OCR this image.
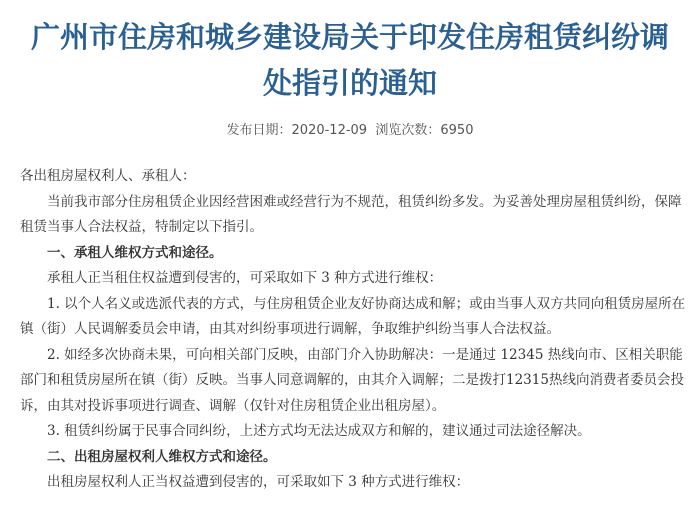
广州市住房和城乡建设局关于印发住房租赁纠纷调
处指引的通知
发布日期：2020-12-09 浏览次数：6950

各出租房屋权利人、承租人：

当前我市部分住房租赁企业因经营困难或经营行为不规范，租赁纠纷多发。为妥善处理房屋租赁纠纷，保障租赁当事人合法权益，特制定以下指引。

一、承租人维权方式和途径。

承租人正当租住权益遭到侵害的，可采取如下 3 种方式进行维权：

1. 以个人名义或选派代表的方式，与住房租赁企业友好协商达成和解；或由当事人双方共同向租赁房屋所在镇（街）人民调解委员会申请，由其对纠纷事项进行调解，争取维护纠纷当事人合法权益。

2. 如经多次协商未果，可向相关部门反映，由部门介入协助解决：一是通过 12345 热线向市、区相关职能部门和租赁房屋所在镇（街）反映。当事人同意调解的，由其介入调解；二是拨打12315热线向消费者委员会投诉，由其对投诉事项进行调查、调解（仅针对住房租赁企业出租房屋）。

3. 租赁纠纷属于民事合同纠纷，上述方式均无法达成双方和解的，建议通过司法途径解决。

二、出租房屋权利人维权方式和途径。

出租房屋权利人正当权益遭到侵害的，可采取如下 3 种方式进行维权：
